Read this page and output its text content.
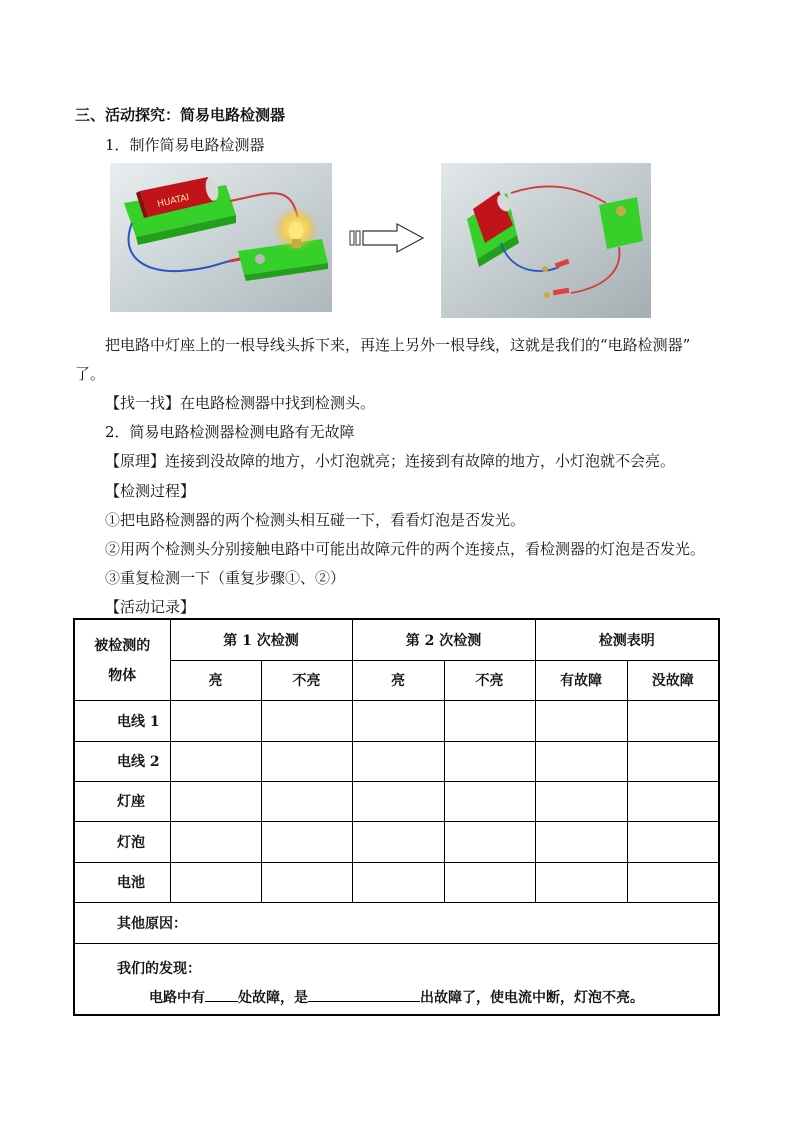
三、活动探究：简易电路检测器
1．制作简易电路检测器
HUATAI
把电路中灯座上的一根导线头拆下来，再连上另外一根导线，这就是我们的“电路检测器”
了。
【找一找】在电路检测器中找到检测头。
2．简易电路检测器检测电路有无故障
【原理】连接到没故障的地方，小灯泡就亮；连接到有故障的地方，小灯泡就不会亮。
【检测过程】
①把电路检测器的两个检测头相互碰一下，看看灯泡是否发光。
②用两个检测头分别接触电路中可能出故障元件的两个连接点，看检测器的灯泡是否发光。
③重复检测一下（重复步骤①、②）
【活动记录】
被检测的
物体	第 1 次检测		第 2 次检测		检测表明	
	亮	不亮	亮	不亮	有故障	没故障
电线 1						
电线 2						
灯座						
灯泡						
电池						
其他原因：						

我们的发现：
电路中有 处故障，是 出故障了，使电流中断，灯泡不亮。						
